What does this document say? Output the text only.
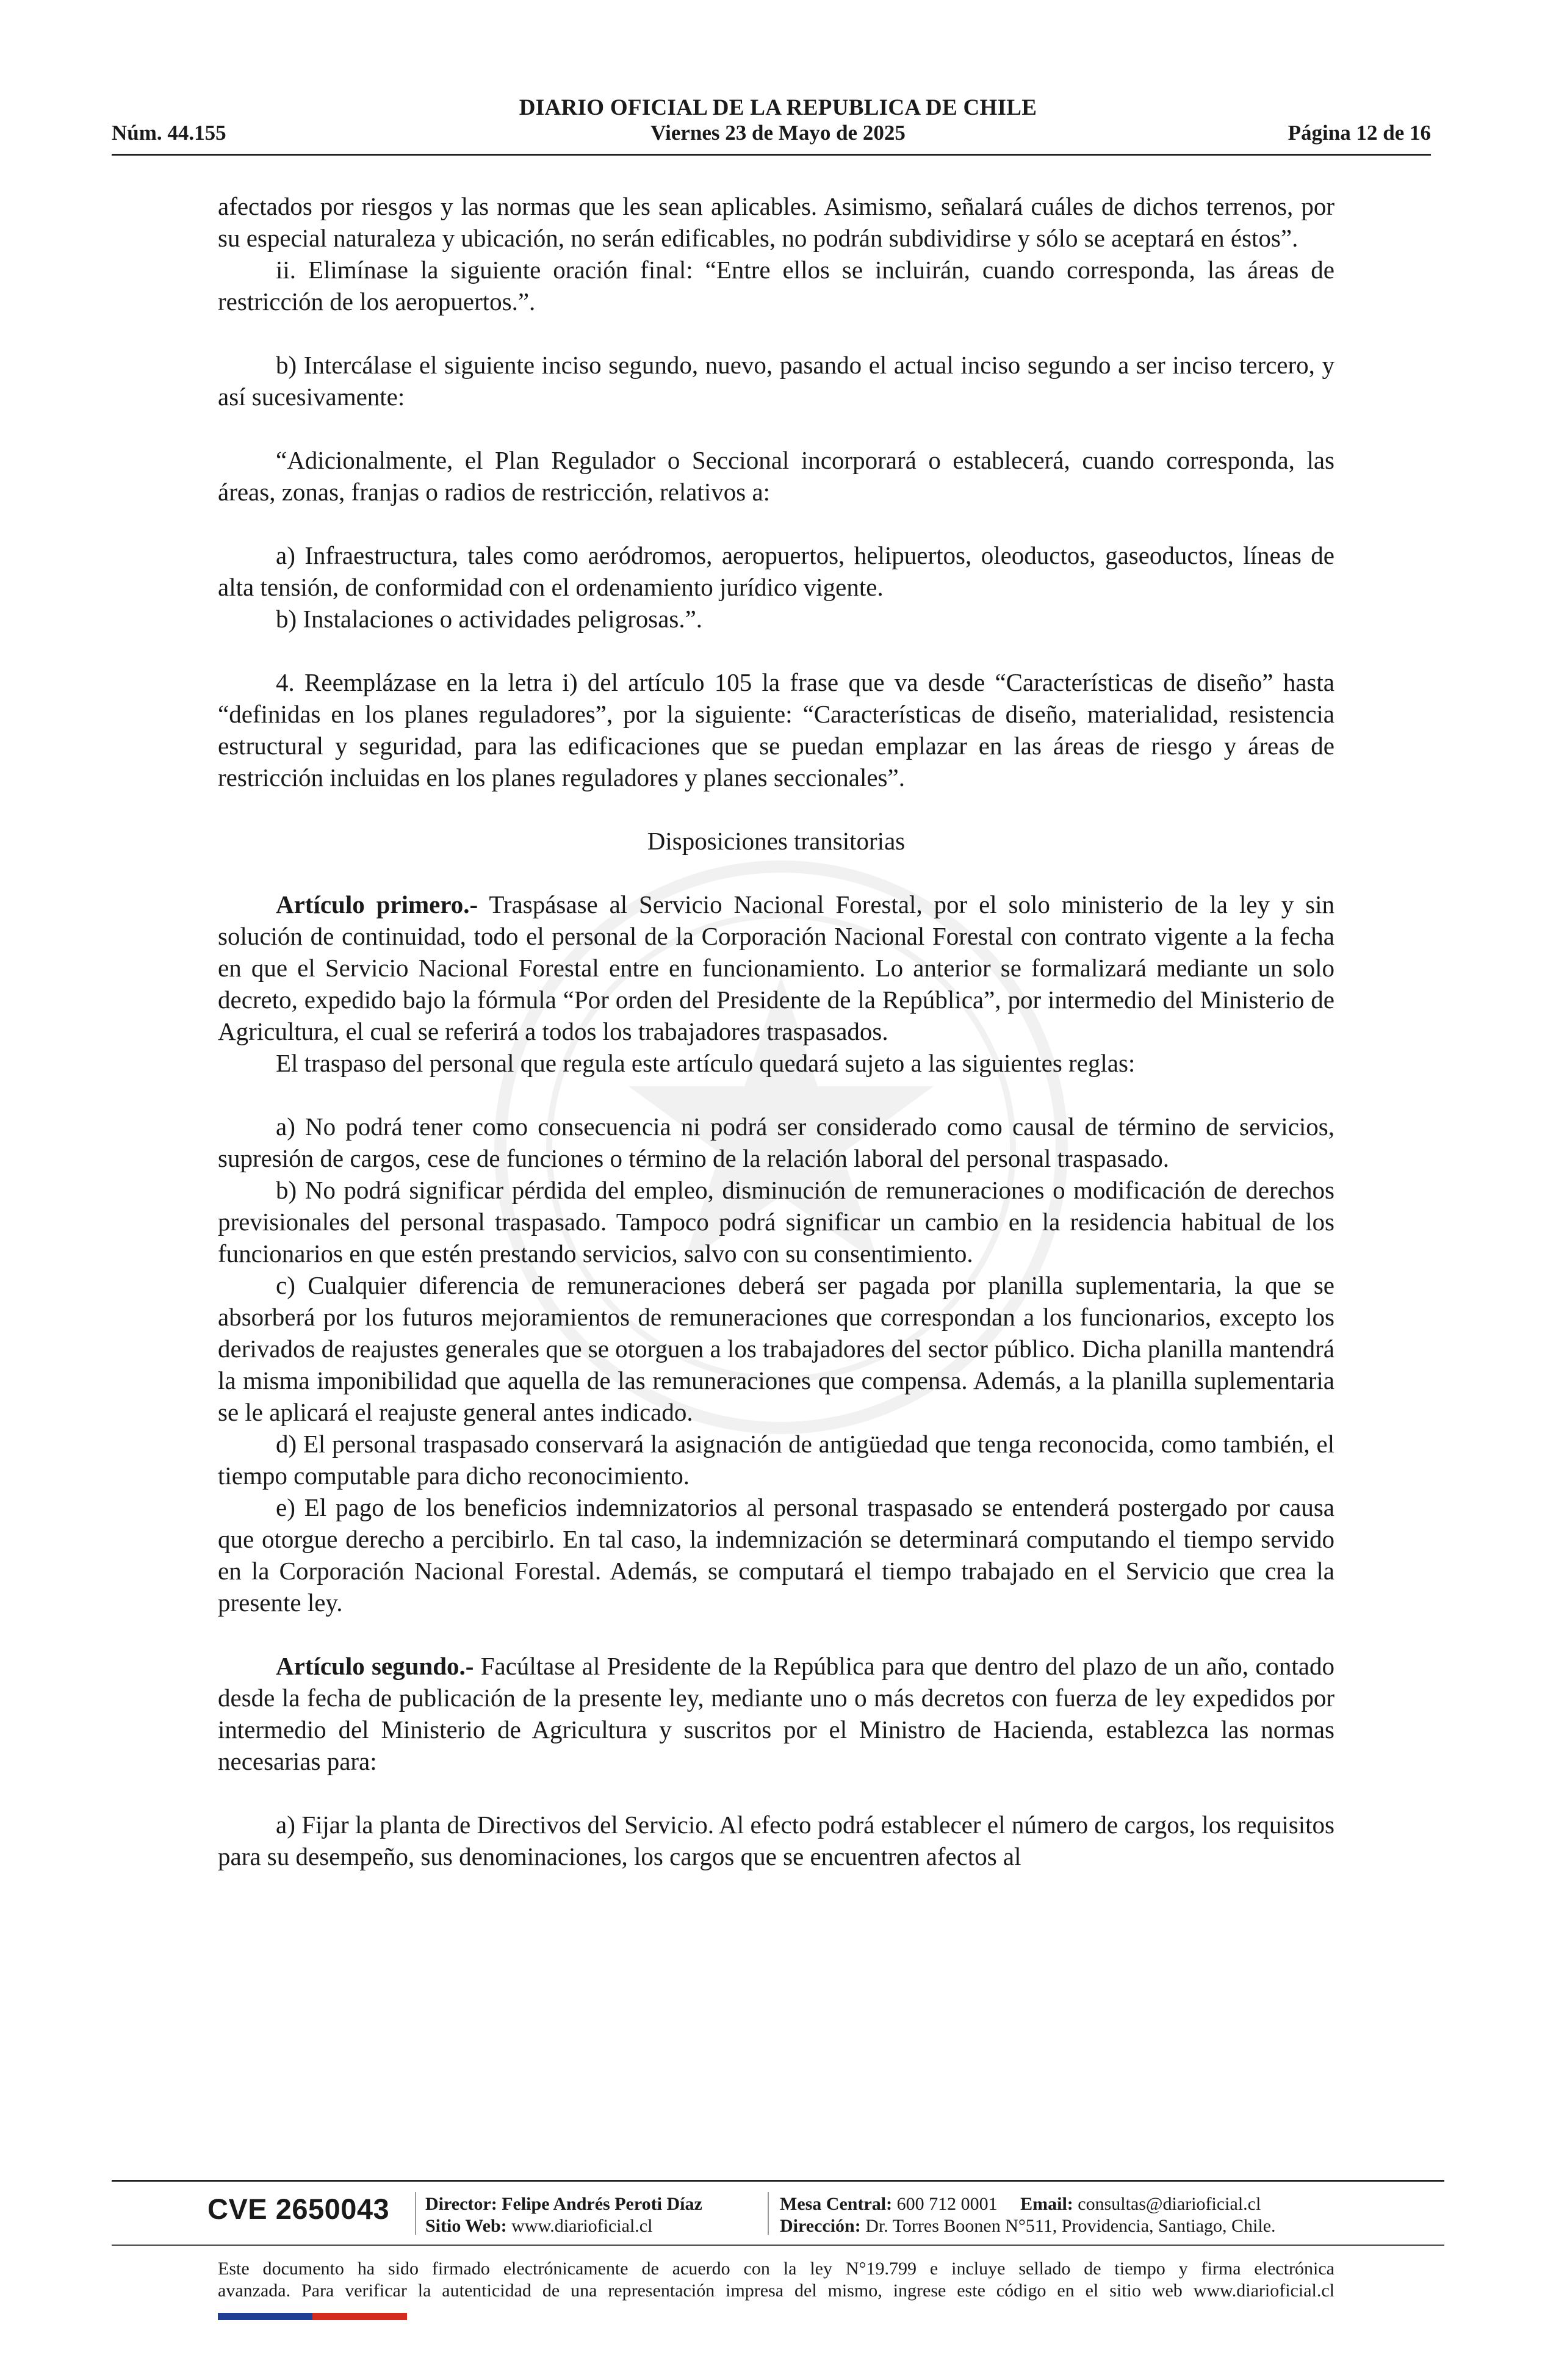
DIARIO OFICIAL DE LA REPUBLICA DE CHILE
Núm. 44.155	Viernes 23 de Mayo de 2025	Página 12 de 16

afectados por riesgos y las normas que les sean aplicables. Asimismo, señalará cuáles de dichos terrenos, por su especial naturaleza y ubicación, no serán edificables, no podrán subdividirse y sólo se aceptará en éstos”.

ii. Elimínase la siguiente oración final: “Entre ellos se incluirán, cuando corresponda, las áreas de restricción de los aeropuertos.”.

b) Intercálase el siguiente inciso segundo, nuevo, pasando el actual inciso segundo a ser inciso tercero, y así sucesivamente:

“Adicionalmente, el Plan Regulador o Seccional incorporará o establecerá, cuando corresponda, las áreas, zonas, franjas o radios de restricción, relativos a:

a) Infraestructura, tales como aeródromos, aeropuertos, helipuertos, oleoductos, gaseoductos, líneas de alta tensión, de conformidad con el ordenamiento jurídico vigente.

b) Instalaciones o actividades peligrosas.”.

4. Reemplázase en la letra i) del artículo 105 la frase que va desde “Características de diseño” hasta “definidas en los planes reguladores”, por la siguiente: “Características de diseño, materialidad, resistencia estructural y seguridad, para las edificaciones que se puedan emplazar en las áreas de riesgo y áreas de restricción incluidas en los planes reguladores y planes seccionales”.

Disposiciones transitorias

Artículo primero.- Traspásase al Servicio Nacional Forestal, por el solo ministerio de la ley y sin solución de continuidad, todo el personal de la Corporación Nacional Forestal con contrato vigente a la fecha en que el Servicio Nacional Forestal entre en funcionamiento. Lo anterior se formalizará mediante un solo decreto, expedido bajo la fórmula “Por orden del Presidente de la República”, por intermedio del Ministerio de Agricultura, el cual se referirá a todos los trabajadores traspasados.

El traspaso del personal que regula este artículo quedará sujeto a las siguientes reglas:

a) No podrá tener como consecuencia ni podrá ser considerado como causal de término de servicios, supresión de cargos, cese de funciones o término de la relación laboral del personal traspasado.

b) No podrá significar pérdida del empleo, disminución de remuneraciones o modificación de derechos previsionales del personal traspasado. Tampoco podrá significar un cambio en la residencia habitual de los funcionarios en que estén prestando servicios, salvo con su consentimiento.

c) Cualquier diferencia de remuneraciones deberá ser pagada por planilla suplementaria, la que se absorberá por los futuros mejoramientos de remuneraciones que correspondan a los funcionarios, excepto los derivados de reajustes generales que se otorguen a los trabajadores del sector público. Dicha planilla mantendrá la misma imponibilidad que aquella de las remuneraciones que compensa. Además, a la planilla suplementaria se le aplicará el reajuste general antes indicado.

d) El personal traspasado conservará la asignación de antigüedad que tenga reconocida, como también, el tiempo computable para dicho reconocimiento.

e) El pago de los beneficios indemnizatorios al personal traspasado se entenderá postergado por causa que otorgue derecho a percibirlo. En tal caso, la indemnización se determinará computando el tiempo servido en la Corporación Nacional Forestal. Además, se computará el tiempo trabajado en el Servicio que crea la presente ley.

Artículo segundo.- Facúltase al Presidente de la República para que dentro del plazo de un año, contado desde la fecha de publicación de la presente ley, mediante uno o más decretos con fuerza de ley expedidos por intermedio del Ministerio de Agricultura y suscritos por el Ministro de Hacienda, establezca las normas necesarias para:

a) Fijar la planta de Directivos del Servicio. Al efecto podrá establecer el número de cargos, los requisitos para su desempeño, sus denominaciones, los cargos que se encuentren afectos al

CVE 2650043 Director: Felipe Andrés Peroti Díaz
Sitio Web: www.diarioficial.cl
Mesa Central: 600 712 0001 Email: consultas@diarioficial.cl
Dirección: Dr. Torres Boonen N°511, Providencia, Santiago, Chile.
Este documento ha sido firmado electrónicamente de acuerdo con la ley N°19.799 e incluye sellado de tiempo y firma electrónica
avanzada. Para verificar la autenticidad de una representación impresa del mismo, ingrese este código en el sitio web www.diarioficial.cl
